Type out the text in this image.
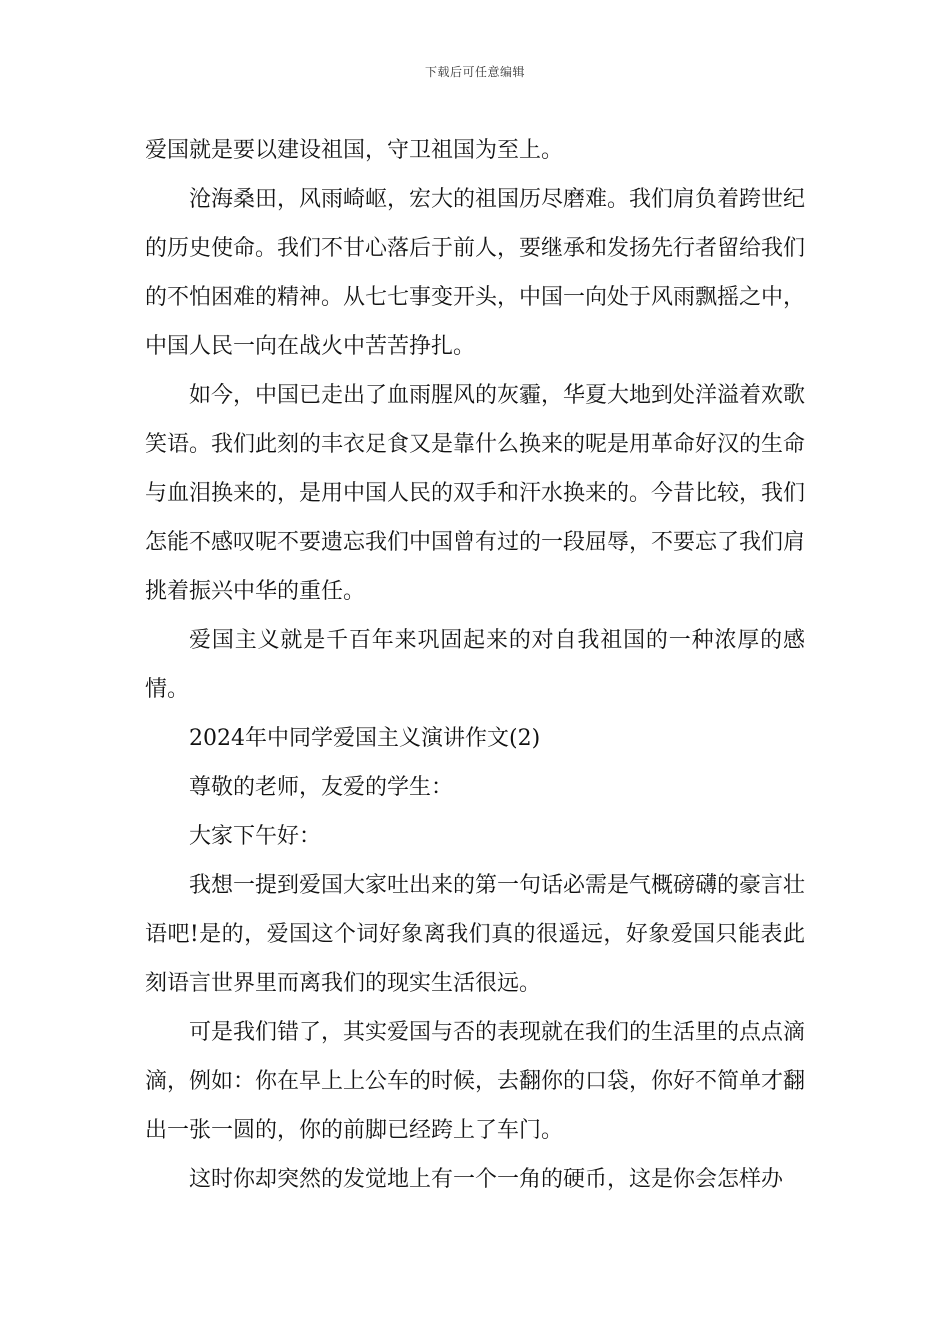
下载后可任意编辑

爱国就是要以建设祖国，守卫祖国为至上。

沧海桑田，风雨崎岖，宏大的祖国历尽磨难。我们肩负着跨世纪的历史使命。我们不甘心落后于前人，要继承和发扬先行者留给我们的不怕困难的精神。从七七事变开头，中国一向处于风雨飘摇之中，中国人民一向在战火中苦苦挣扎。

如今，中国已走出了血雨腥风的灰霾，华夏大地到处洋溢着欢歌笑语。我们此刻的丰衣足食又是靠什么换来的呢是用革命好汉的生命与血泪换来的，是用中国人民的双手和汗水换来的。今昔比较，我们怎能不感叹呢不要遗忘我们中国曾有过的一段屈辱，不要忘了我们肩挑着振兴中华的重任。

爱国主义就是千百年来巩固起来的对自我祖国的一种浓厚的感情。

2024年中同学爱国主义演讲作文(2)

尊敬的老师，友爱的学生：

大家下午好：

我想一提到爱国大家吐出来的第一句话必需是气概磅礴的豪言壮语吧!是的，爱国这个词好象离我们真的很遥远，好象爱国只能表此刻语言世界里而离我们的现实生活很远。

可是我们错了，其实爱国与否的表现就在我们的生活里的点点滴滴，例如：你在早上上公车的时候，去翻你的口袋，你好不简单才翻出一张一圆的，你的前脚已经跨上了车门。

这时你却突然的发觉地上有一个一角的硬币，这是你会怎样办
